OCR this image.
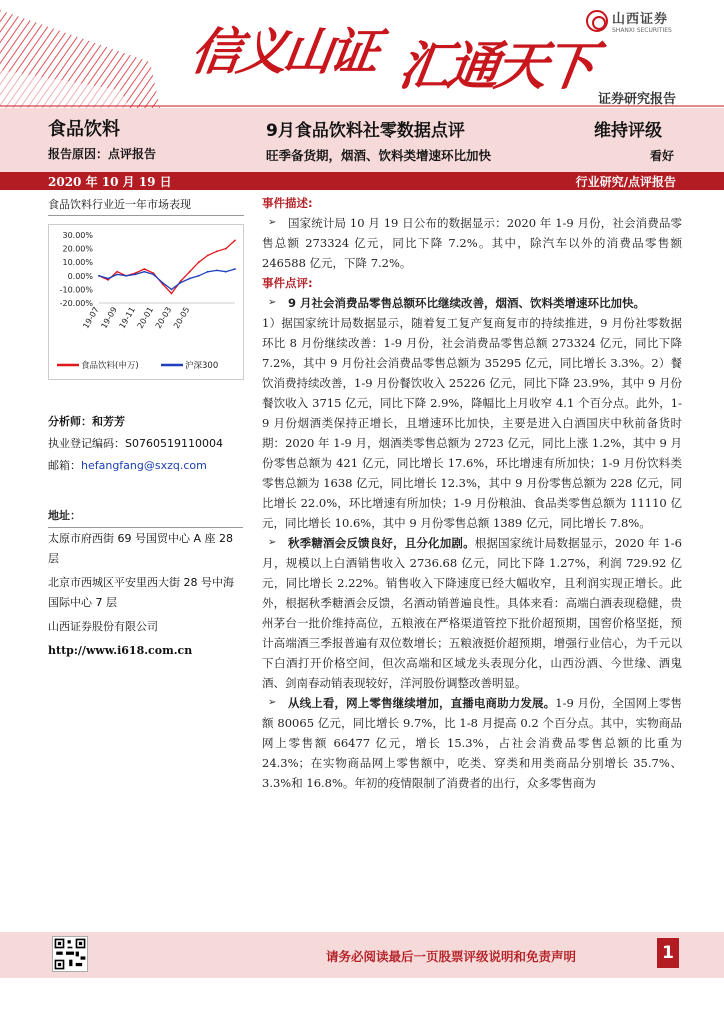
信义山证 汇通天下
山西证券
SHANXI SECURITIES
证券研究报告
食品饮料	9月食品饮料社零数据点评	维持评级
报告原因：点评报告	旺季备货期，烟酒、饮料类增速环比加快	看好
2020 年 10 月 19 日	行业研究/点评报告
食品饮料行业近一年市场表现
30.00%
20.00%
10.00%
0.00%
-10.00%
-20.00%
19-07
19-09
19-11
20-01
20-03
20-05
食品饮料(申万)	沪深300
分析师：和芳芳
执业登记编码：S0760519110004
邮箱：hefangfang@sxzq.com
地址：

太原市府西街 69 号国贸中心 A 座 28 层

北京市西城区平安里西大街 28 号中海国际中心 7 层

山西证券股份有限公司

http://www.i618.com.cn

事件描述:
➢ 国家统计局 10 月 19 日公布的数据显示：2020 年 1-9 月份，社会消费品零售总额 273324 亿元，同比下降 7.2%。其中，除汽车以外的消费品零售额 246588 亿元，下降 7.2%。
事件点评:
➢ 9 月社会消费品零售总额环比继续改善，烟酒、饮料类增速环比加快。
1）据国家统计局数据显示，随着复工复产复商复市的持续推进，9 月份社零数据环比 8 月份继续改善：1-9 月份，社会消费品零售总额 273324 亿元，同比下降 7.2%，其中 9 月份社会消费品零售总额为 35295 亿元，同比增长 3.3%。2）餐饮消费持续改善，1-9 月份餐饮收入 25226 亿元，同比下降 23.9%，其中 9 月份餐饮收入 3715 亿元，同比下降 2.9%，降幅比上月收窄 4.1 个百分点。此外，1-9 月份烟酒类保持正增长，且增速环比加快，主要是进入白酒国庆中秋前备货时期：2020 年 1-9 月，烟酒类零售总额为 2723 亿元，同比上涨 1.2%，其中 9 月份零售总额为 421 亿元，同比增长 17.6%，环比增速有所加快；1-9 月份饮料类零售总额为 1638 亿元，同比增长 12.3%，其中 9 月份零售总额为 228 亿元，同比增长 22.0%，环比增速有所加快；1-9 月份粮油、食品类零售总额为 11110 亿元，同比增长 10.6%，其中 9 月份零售总额 1389 亿元，同比增长 7.8%。
➢ 秋季糖酒会反馈良好，且分化加剧。根据国家统计局数据显示，2020 年 1-6 月，规模以上白酒销售收入 2736.68 亿元，同比下降 1.27%，利润 729.92 亿元，同比增长 2.22%。销售收入下降速度已经大幅收窄，且利润实现正增长。此外，根据秋季糖酒会反馈，名酒动销普遍良性。具体来看：高端白酒表现稳健，贵州茅台一批价维持高位，五粮液在严格渠道管控下批价超预期，国窖价格坚挺，预计高端酒三季报普遍有双位数增长；五粮液挺价超预期，增强行业信心，为千元以下白酒打开价格空间，但次高端和区域龙头表现分化，山西汾酒、今世缘、酒鬼酒、剑南春动销表现较好，洋河股份调整改善明显。
➢ 从线上看，网上零售继续增加，直播电商助力发展。1-9 月份，全国网上零售额 80065 亿元，同比增长 9.7%，比 1-8 月提高 0.2 个百分点。其中，实物商品网上零售额 66477 亿元，增长 15.3%，占社会消费品零售总额的比重为 24.3%；在实物商品网上零售额中，吃类、穿类和用类商品分别增长 35.7%、3.3%和 16.8%。年初的疫情限制了消费者的出行，众多零售商为
请务必阅读最后一页股票评级说明和免责声明	1
